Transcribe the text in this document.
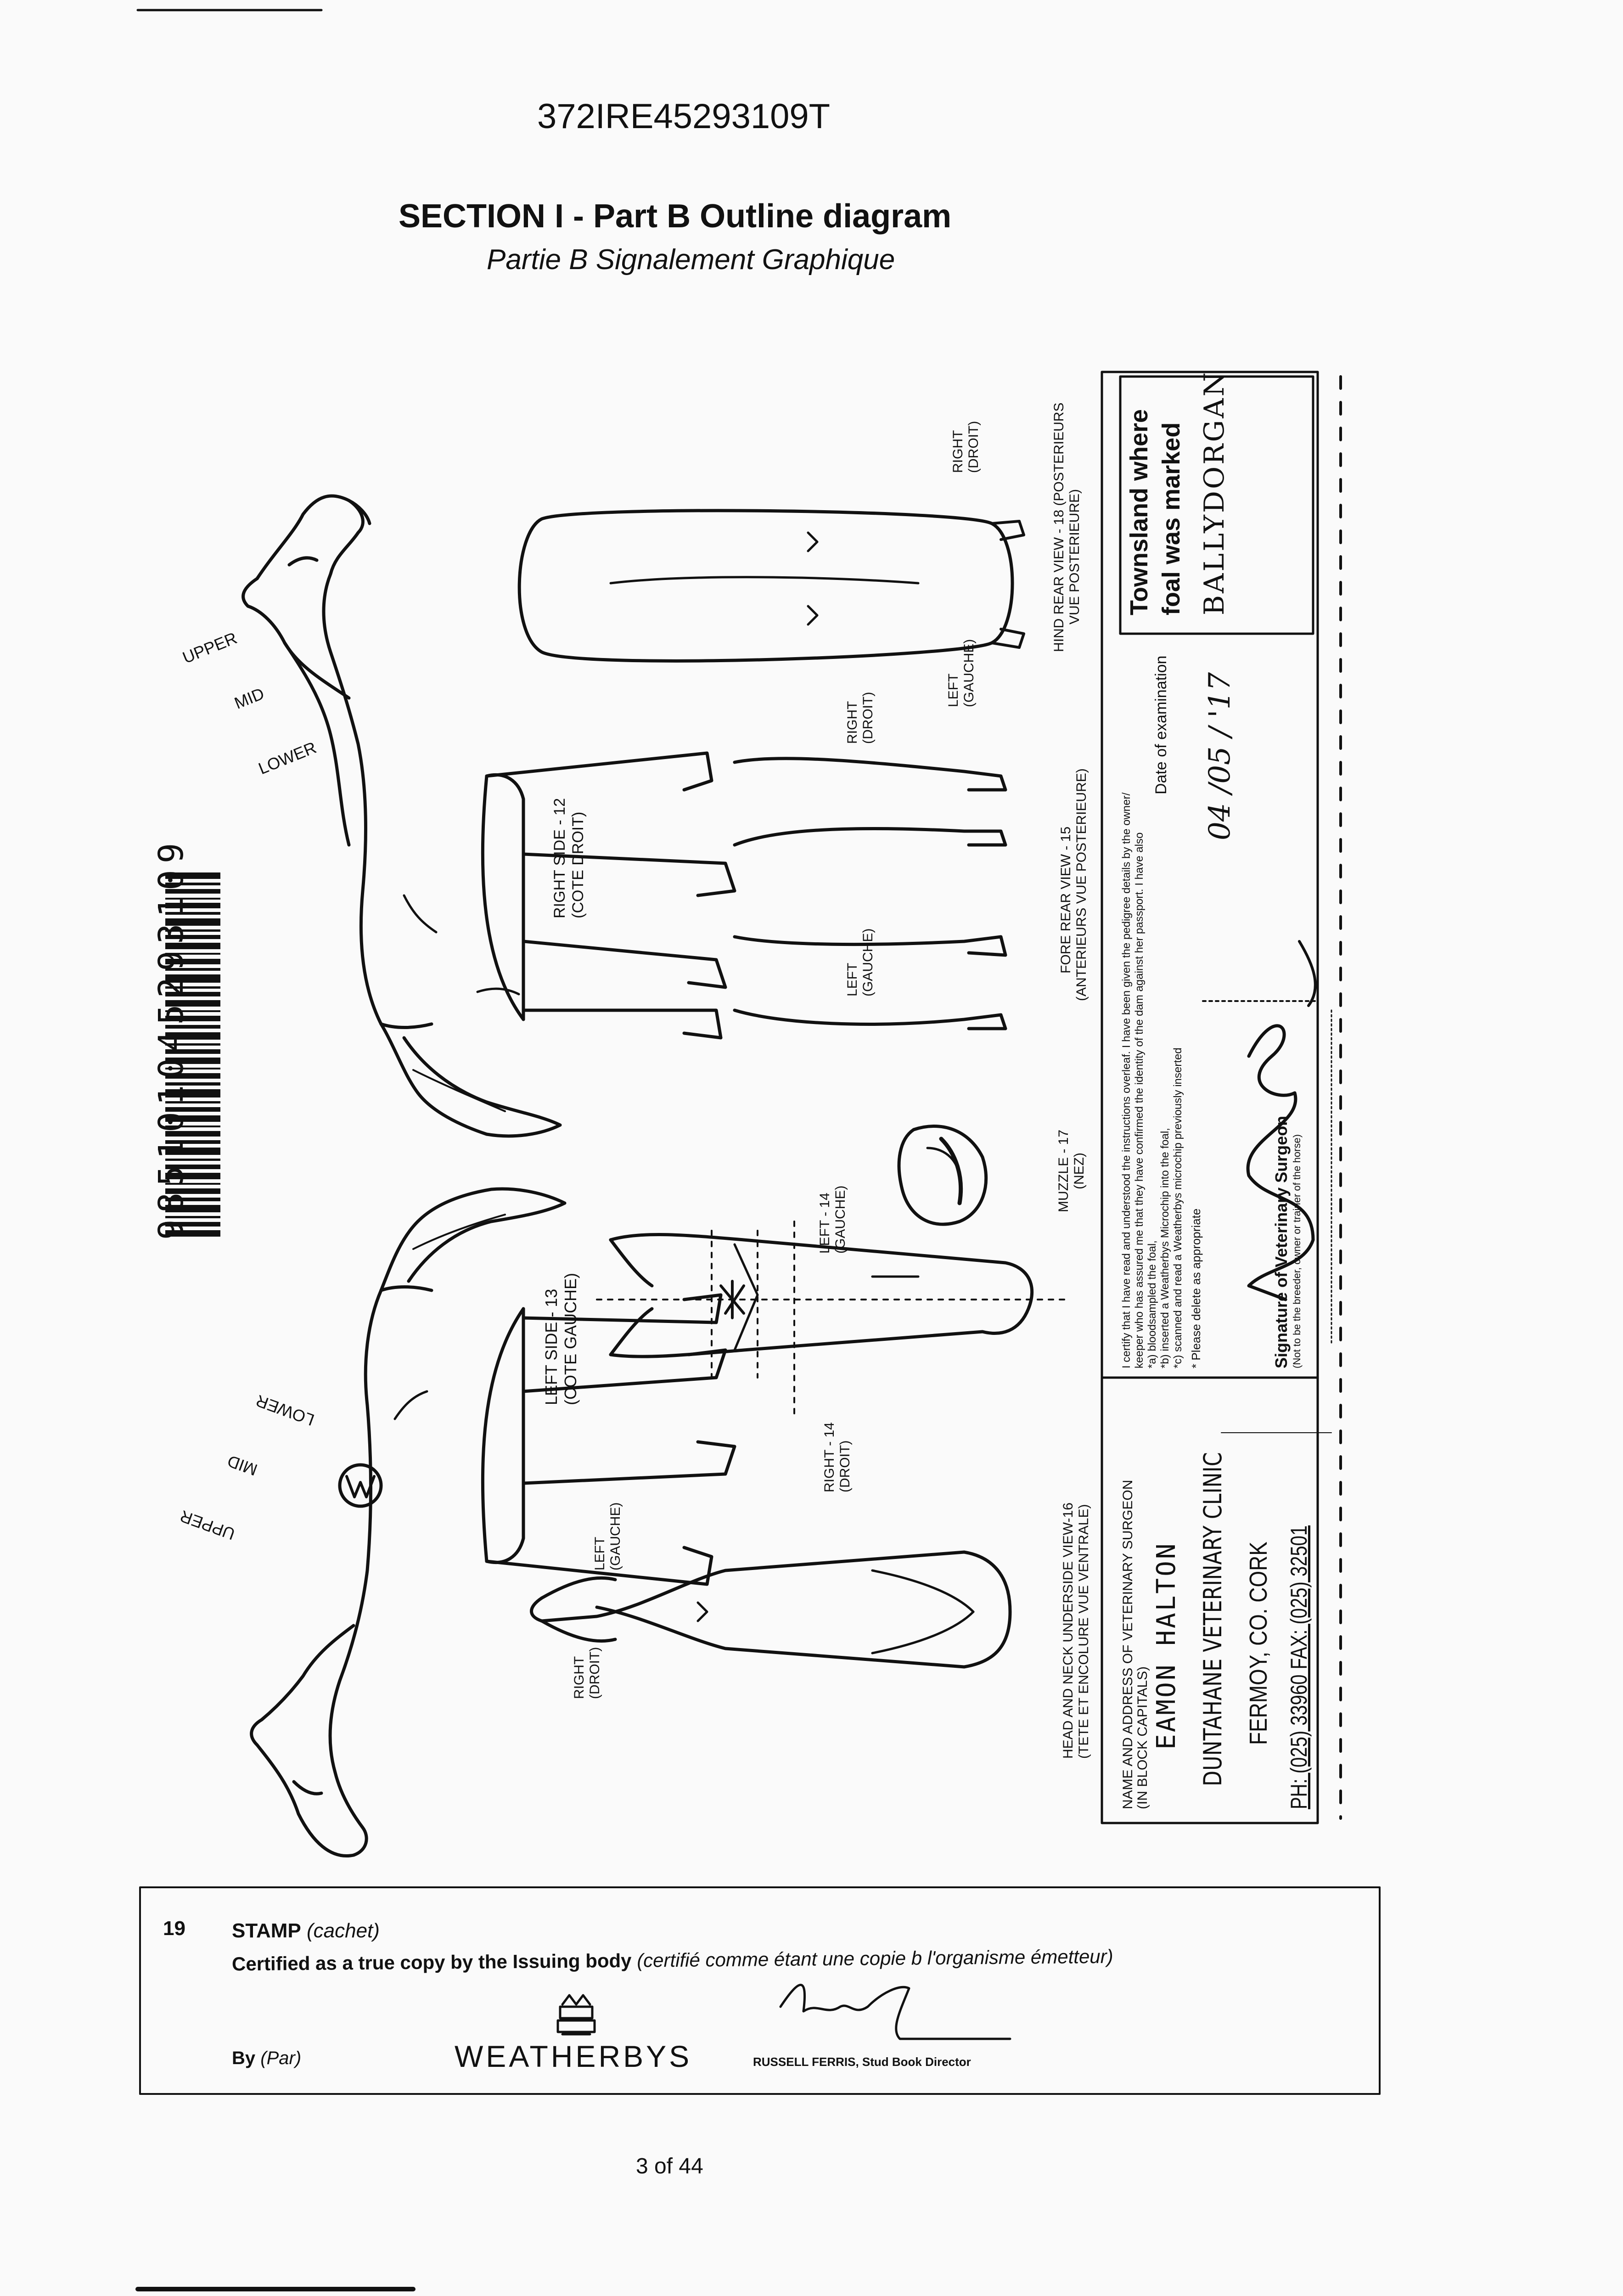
372IRE45293109T
SECTION I - Part B Outline diagram
Partie B Signalement Graphique
985101045293109
UPPER
MID
LOWER
LOWER
MID
UPPER
RIGHT SIDE - 12 (COTE DROIT)
LEFT SIDE - 13 (COTE GAUCHE)
RIGHT (DROIT)
LEFT (GAUCHE)
HIND REAR VIEW - 18 (POSTERIEURS VUE POSTERIEURE)
RIGHT (DROIT)
LEFT (GAUCHE)	FORE REAR VIEW - 15 (ANTERIEURS VUE POSTERIEURE)
MUZZLE - 17 (NEZ)
LEFT - 14 (GAUCHE)
RIGHT - 14 (DROIT)
LEFT (GAUCHE)
RIGHT (DROIT)	HEAD AND NECK UNDERSIDE VIEW-16 (TETE ET ENCOLURE VUE VENTRALE) NAME AND ADDRESS OF VETERINARY SURGEON (IN BLOCK CAPITALS) EAMON HALTON DUNTAHANE VETERINARY CLINIC FERMOY, CO. CORK PH: (025) 33960 FAX: (025) 32501
I certify that I have read and understood the instructions overleaf. I have been given the pedigree details by the owner/ keeper who has assured me that they have confirmed the identity of the dam against her passport. I have also *a) bloodsampled the foal, *b) inserted a Weatherbys Microchip into the foal, *c) scanned and read a Weatherbys microchip previously inserted * Please delete as appropriate	Signature of Veterinary Surgeon (Not to be the breeder, owner or trainer of the horse)
Date of examination 04 /05 / '17
Townsland where foal was marked BALLYDORGAN
19 STAMP (cachet)
Certified as a true copy by the Issuing body (certifié comme étant une copie b l'organisme émetteur)
By (Par)	WEATHERBYS	RUSSELL FERRIS, Stud Book Director
3 of 44
